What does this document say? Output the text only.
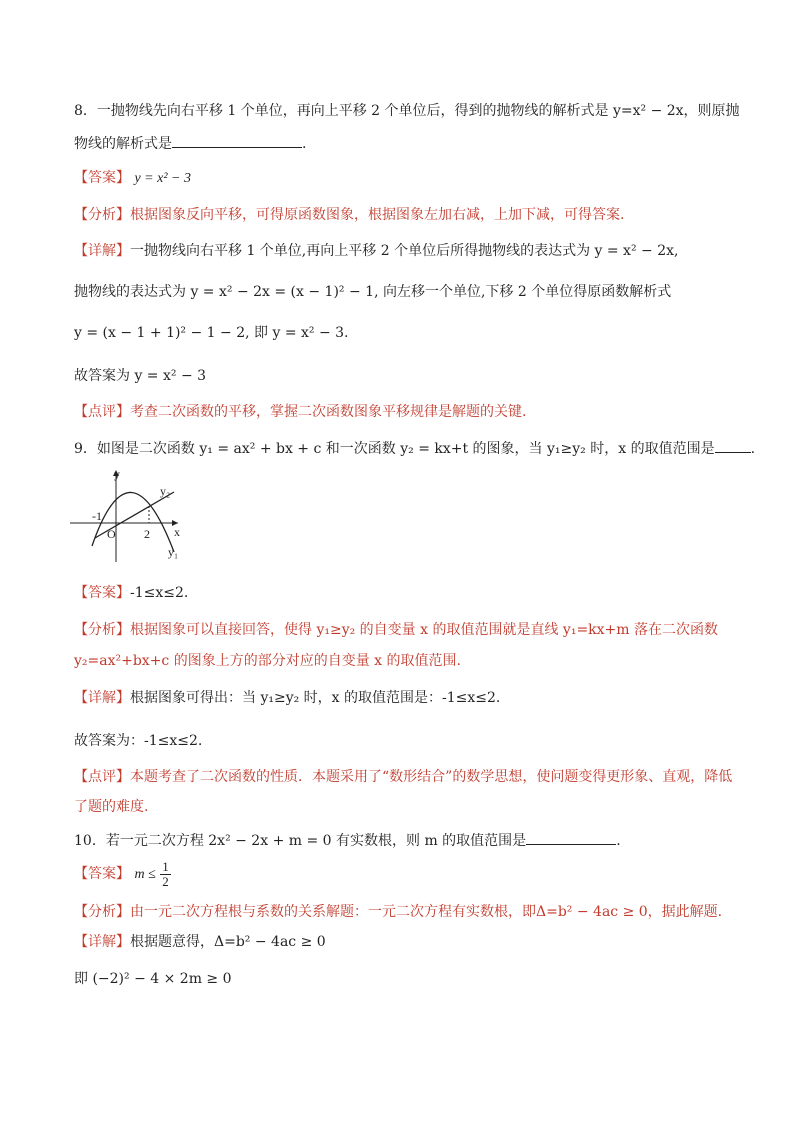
8．一抛物线先向右平移 1 个单位，再向上平移 2 个单位后，得到的抛物线的解析式是 y=x² − 2x，则原抛
物线的解析式是	.
【答案】 y = x² − 3
【分析】根据图象反向平移，可得原函数图象，根据图象左加右减，上加下减，可得答案.
【详解】一抛物线向右平移 1 个单位,再向上平移 2 个单位后所得抛物线的表达式为 y = x² − 2x,
抛物线的表达式为 y = x² − 2x = (x − 1)² − 1, 向左移一个单位,下移 2 个单位得原函数解析式
y = (x − 1 + 1)² − 1 − 2, 即 y = x² − 3.
故答案为 y = x² − 3
【点评】考查二次函数的平移，掌握二次函数图象平移规律是解题的关键.
9．如图是二次函数 y₁ = ax² + bx + c 和一次函数 y₂ = kx+t 的图象，当 y₁≥y₂ 时，x 的取值范围是	.
y
x
-1
O 2
y₂
y₁
【答案】-1≤x≤2.
【分析】根据图象可以直接回答，使得 y₁≥y₂ 的自变量 x 的取值范围就是直线 y₁=kx+m 落在二次函数
y₂=ax²+bx+c 的图象上方的部分对应的自变量 x 的取值范围.
【详解】根据图象可得出：当 y₁≥y₂ 时，x 的取值范围是：-1≤x≤2.
故答案为：-1≤x≤2.
【点评】本题考查了二次函数的性质．本题采用了“数形结合”的数学思想，使问题变得更形象、直观，降低
了题的难度.
10．若一元二次方程 2x² − 2x + m = 0 有实数根，则 m 的取值范围是	.
【答案】 $m \le \frac{1}{2}$
【分析】由一元二次方程根与系数的关系解题：一元二次方程有实数根，即Δ=b² − 4ac ≥ 0，据此解题.
【详解】根据题意得，Δ=b² − 4ac ≥ 0
即 (−2)² − 4 × 2m ≥ 0
